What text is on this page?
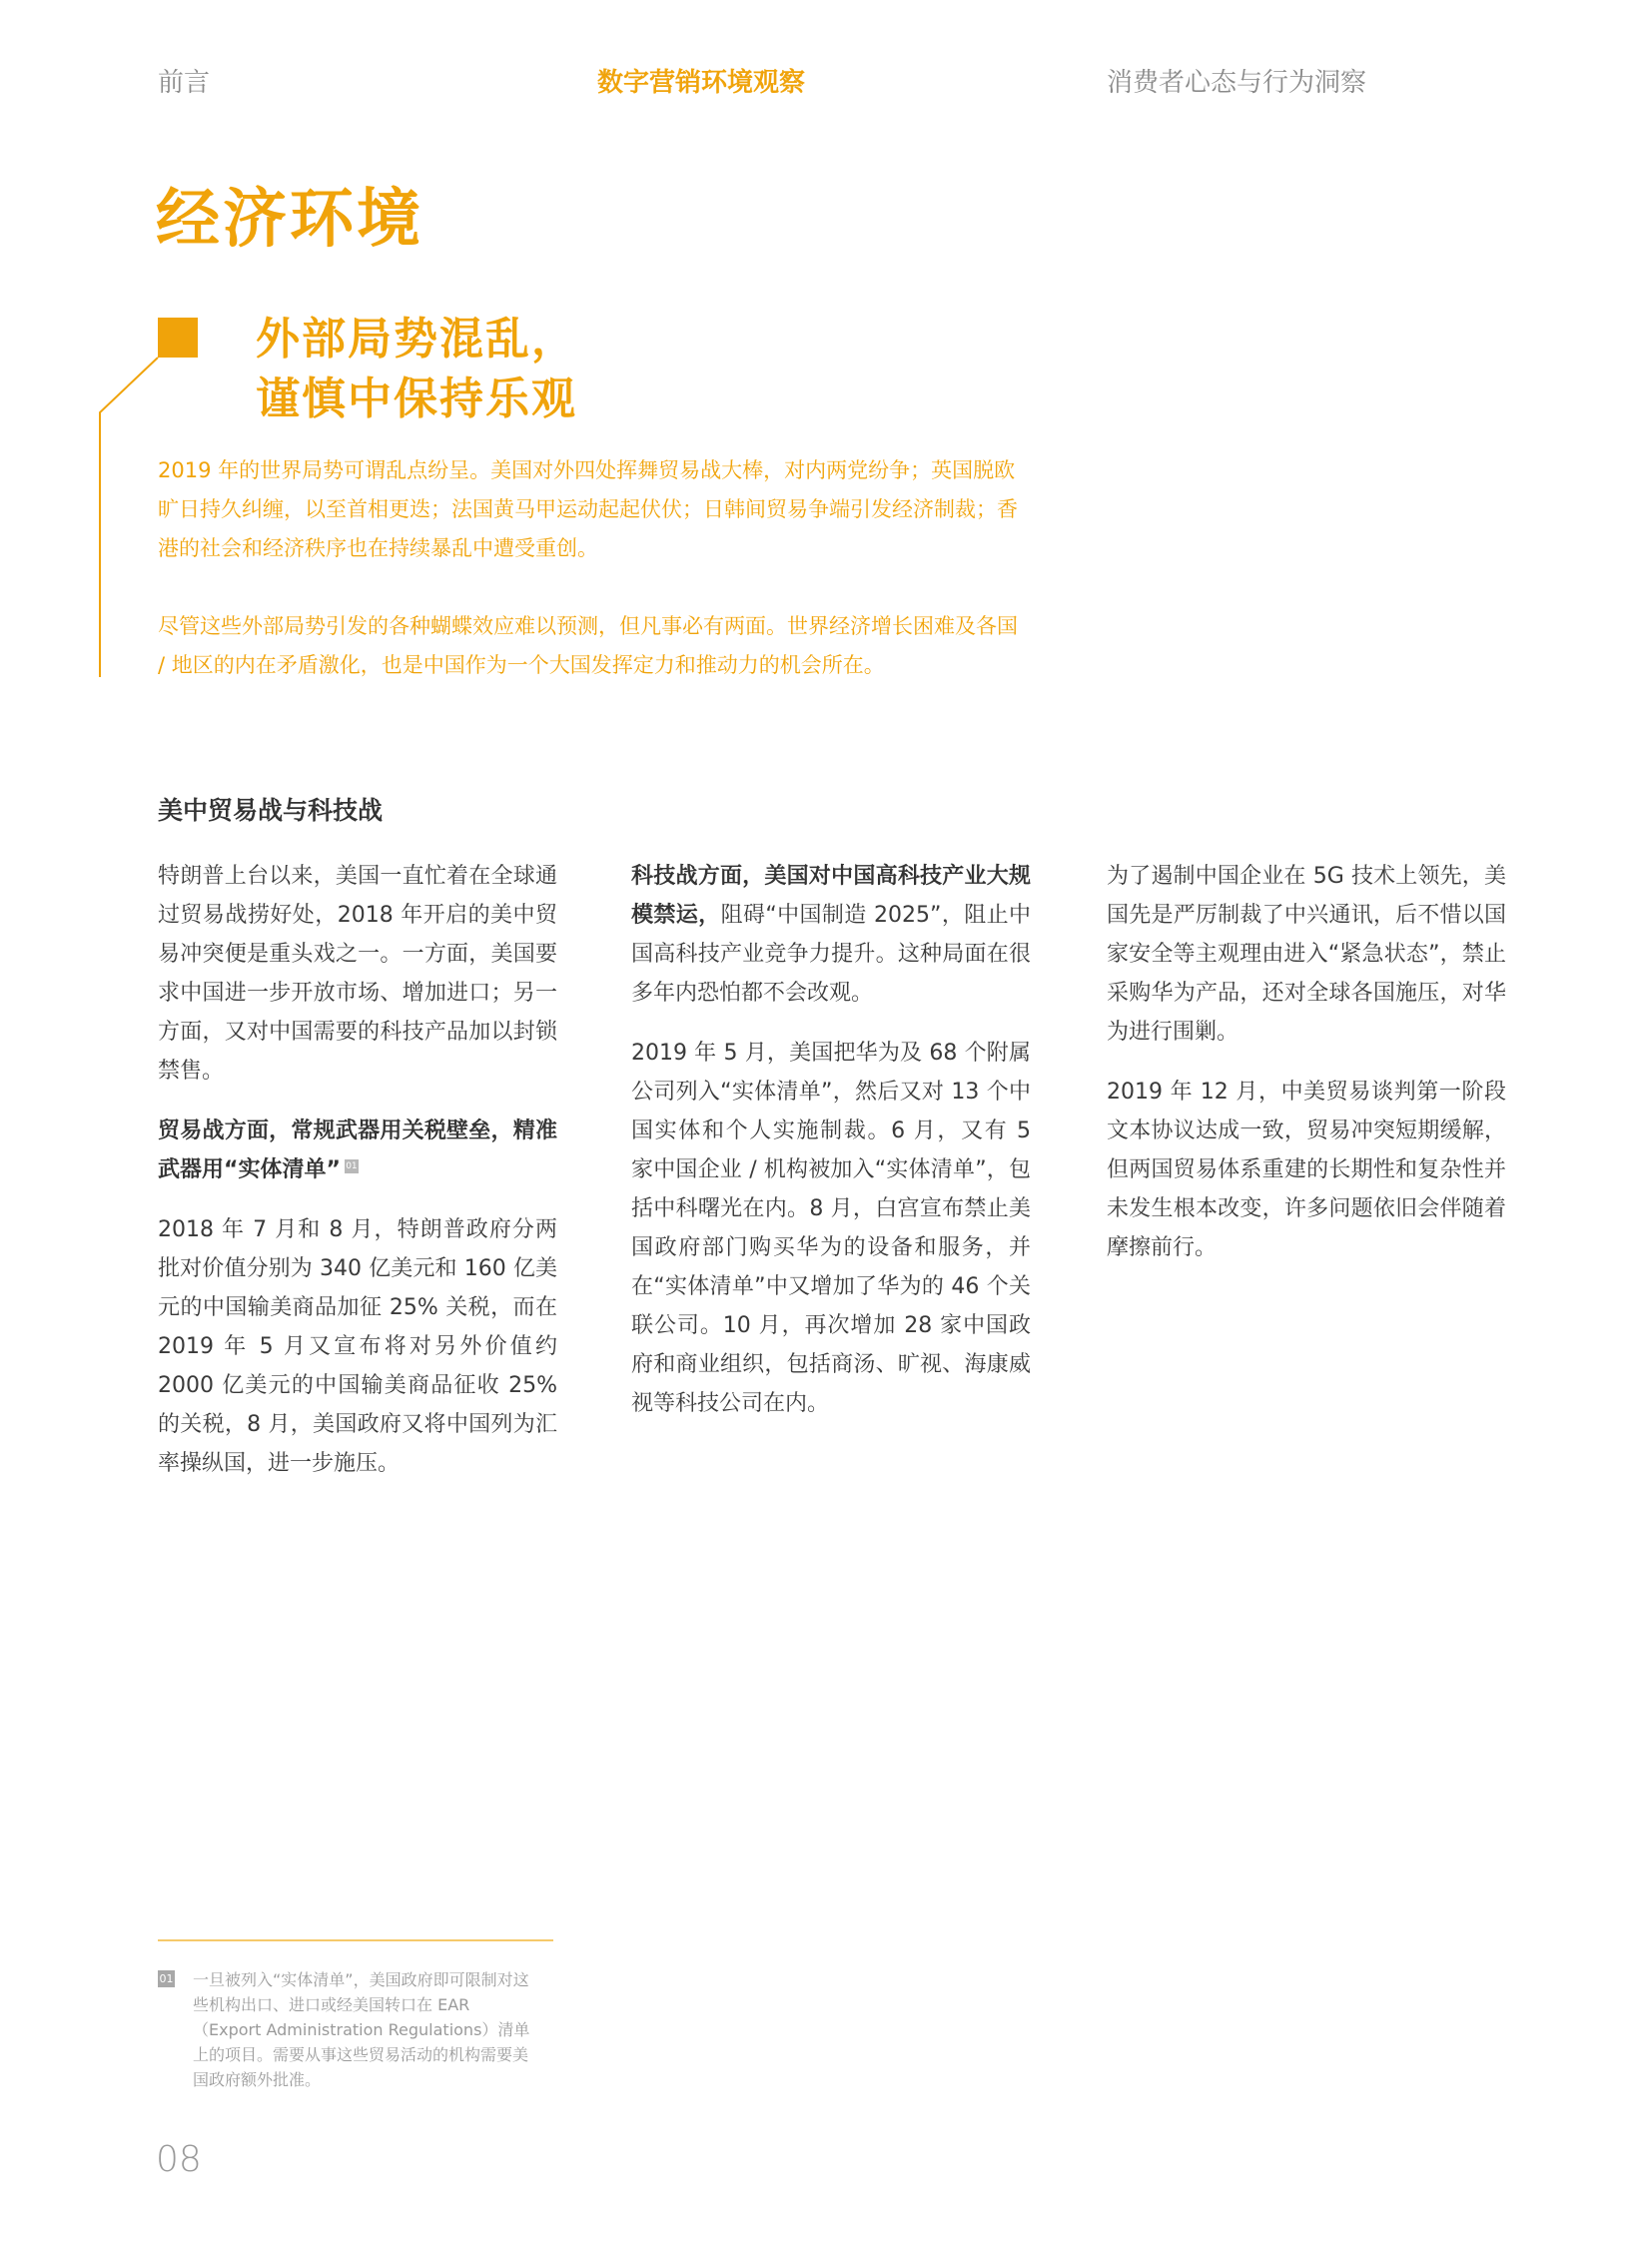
前言	数字营销环境观察	消费者心态与行为洞察
经济环境
外部局势混乱，
谨慎中保持乐观
2019 年的世界局势可谓乱点纷呈。美国对外四处挥舞贸易战大棒，对内两党纷争；英国脱欧旷日持久纠缠，以至首相更迭；法国黄马甲运动起起伏伏；日韩间贸易争端引发经济制裁；香港的社会和经济秩序也在持续暴乱中遭受重创。
尽管这些外部局势引发的各种蝴蝶效应难以预测，但凡事必有两面。世界经济增长困难及各国 / 地区的内在矛盾激化，也是中国作为一个大国发挥定力和推动力的机会所在。
美中贸易战与科技战

特朗普上台以来，美国一直忙着在全球通过贸易战捞好处，2018 年开启的美中贸易冲突便是重头戏之一。一方面，美国要求中国进一步开放市场、增加进口；另一方面，又对中国需要的科技产品加以封锁禁售。

贸易战方面，常规武器用关税壁垒，精准武器用“实体清单” 01

2018 年 7 月和 8 月，特朗普政府分两批对价值分别为 340 亿美元和 160 亿美元的中国输美商品加征 25% 关税，而在 2019 年 5 月又宣布将对另外价值约 2000 亿美元的中国输美商品征收 25% 的关税，8 月，美国政府又将中国列为汇率操纵国，进一步施压。

科技战方面，美国对中国高科技产业大规模禁运，阻碍“中国制造 2025”，阻止中国高科技产业竞争力提升。这种局面在很多年内恐怕都不会改观。

2019 年 5 月，美国把华为及 68 个附属公司列入“实体清单”，然后又对 13 个中国实体和个人实施制裁。6 月，又有 5 家中国企业 / 机构被加入“实体清单”，包括中科曙光在内。8 月，白宫宣布禁止美国政府部门购买华为的设备和服务，并在“实体清单”中又增加了华为的 46 个关联公司。10 月，再次增加 28 家中国政府和商业组织，包括商汤、旷视、海康威视等科技公司在内。

为了遏制中国企业在 5G 技术上领先，美国先是严厉制裁了中兴通讯，后不惜以国家安全等主观理由进入“紧急状态”，禁止采购华为产品，还对全球各国施压，对华为进行围剿。

2019 年 12 月，中美贸易谈判第一阶段文本协议达成一致，贸易冲突短期缓解，但两国贸易体系重建的长期性和复杂性并未发生根本改变，许多问题依旧会伴随着摩擦前行。

01 一旦被列入“实体清单”，美国政府即可限制对这些机构出口、进口或经美国转口在 EAR（Export Administration Regulations）清单上的项目。需要从事这些贸易活动的机构需要美国政府额外批准。
08
